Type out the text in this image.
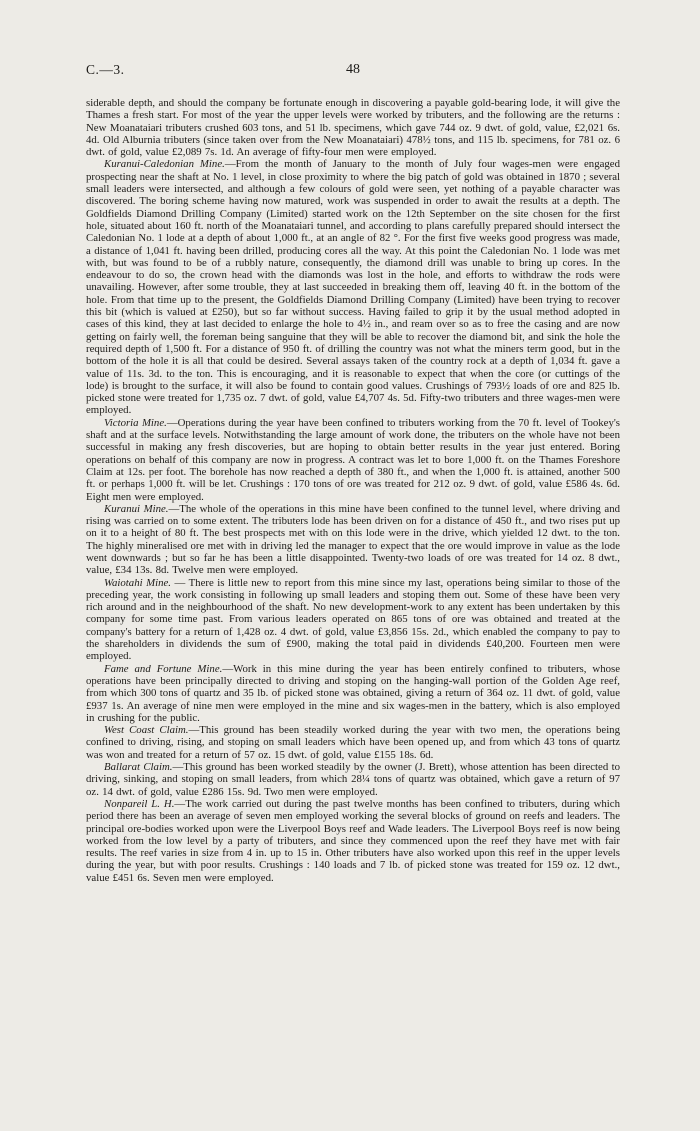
C.—3.	48

siderable depth, and should the company be fortunate enough in discovering a payable gold-bearing lode, it will give the Thames a fresh start. For most of the year the upper levels were worked by tributers, and the following are the returns : New Moanataiari tributers crushed 603 tons, and 51 lb. specimens, which gave 744 oz. 9 dwt. of gold, value, £2,021 6s. 4d. Old Alburnia tributers (since taken over from the New Moanataiari) 478½ tons, and 115 lb. specimens, for 781 oz. 6 dwt. of gold, value £2,089 7s. 1d. An average of fifty-four men were employed.

Kuranui-Caledonian Mine.—From the month of January to the month of July four wages-men were engaged prospecting near the shaft at No. 1 level, in close proximity to where the big patch of gold was obtained in 1870 ; several small leaders were intersected, and although a few colours of gold were seen, yet nothing of a payable character was discovered. The boring scheme having now matured, work was suspended in order to await the results at a depth. The Goldfields Diamond Drilling Company (Limited) started work on the 12th September on the site chosen for the first hole, situated about 160 ft. north of the Moanataiari tunnel, and according to plans carefully prepared should intersect the Caledonian No. 1 lode at a depth of about 1,000 ft., at an angle of 82 °. For the first five weeks good progress was made, a distance of 1,041 ft. having been drilled, producing cores all the way. At this point the Caledonian No. 1 lode was met with, but was found to be of a rubbly nature, consequently, the diamond drill was unable to bring up cores. In the endeavour to do so, the crown head with the diamonds was lost in the hole, and efforts to withdraw the rods were unavailing. However, after some trouble, they at last succeeded in breaking them off, leaving 40 ft. in the bottom of the hole. From that time up to the present, the Goldfields Diamond Drilling Company (Limited) have been trying to recover this bit (which is valued at £250), but so far without success. Having failed to grip it by the usual method adopted in cases of this kind, they at last decided to enlarge the hole to 4½ in., and ream over so as to free the casing and are now getting on fairly well, the foreman being sanguine that they will be able to recover the diamond bit, and sink the hole the required depth of 1,500 ft. For a distance of 950 ft. of drilling the country was not what the miners term good, but in the bottom of the hole it is all that could be desired. Several assays taken of the country rock at a depth of 1,034 ft. gave a value of 11s. 3d. to the ton. This is encouraging, and it is reasonable to expect that when the core (or cuttings of the lode) is brought to the surface, it will also be found to contain good values. Crushings of 793½ loads of ore and 825 lb. picked stone were treated for 1,735 oz. 7 dwt. of gold, value £4,707 4s. 5d. Fifty-two tributers and three wages-men were employed.

Victoria Mine.—Operations during the year have been confined to tributers working from the 70 ft. level of Tookey's shaft and at the surface levels. Notwithstanding the large amount of work done, the tributers on the whole have not been successful in making any fresh discoveries, but are hoping to obtain better results in the year just entered. Boring operations on behalf of this company are now in progress. A contract was let to bore 1,000 ft. on the Thames Foreshore Claim at 12s. per foot. The borehole has now reached a depth of 380 ft., and when the 1,000 ft. is attained, another 500 ft. or perhaps 1,000 ft. will be let. Crushings : 170 tons of ore was treated for 212 oz. 9 dwt. of gold, value £586 4s. 6d. Eight men were employed.

Kuranui Mine.—The whole of the operations in this mine have been confined to the tunnel level, where driving and rising was carried on to some extent. The tributers lode has been driven on for a distance of 450 ft., and two rises put up on it to a height of 80 ft. The best prospects met with on this lode were in the drive, which yielded 12 dwt. to the ton. The highly mineralised ore met with in driving led the manager to expect that the ore would improve in value as the lode went downwards ; but so far he has been a little disappointed. Twenty-two loads of ore was treated for 14 oz. 8 dwt., value, £34 13s. 8d. Twelve men were employed.

Waiotahi Mine. — There is little new to report from this mine since my last, operations being similar to those of the preceding year, the work consisting in following up small leaders and stoping them out. Some of these have been very rich around and in the neighbourhood of the shaft. No new development-work to any extent has been undertaken by this company for some time past. From various leaders operated on 865 tons of ore was obtained and treated at the company's battery for a return of 1,428 oz. 4 dwt. of gold, value £3,856 15s. 2d., which enabled the company to pay to the shareholders in dividends the sum of £900, making the total paid in dividends £40,200. Fourteen men were employed.

Fame and Fortune Mine.—Work in this mine during the year has been entirely confined to tributers, whose operations have been principally directed to driving and stoping on the hanging-wall portion of the Golden Age reef, from which 300 tons of quartz and 35 lb. of picked stone was obtained, giving a return of 364 oz. 11 dwt. of gold, value £937 1s. An average of nine men were employed in the mine and six wages-men in the battery, which is also employed in crushing for the public.

West Coast Claim.—This ground has been steadily worked during the year with two men, the operations being confined to driving, rising, and stoping on small leaders which have been opened up, and from which 43 tons of quartz was won and treated for a return of 57 oz. 15 dwt. of gold, value £155 18s. 6d.

Ballarat Claim.—This ground has been worked steadily by the owner (J. Brett), whose attention has been directed to driving, sinking, and stoping on small leaders, from which 28¼ tons of quartz was obtained, which gave a return of 97 oz. 14 dwt. of gold, value £286 15s. 9d. Two men were employed.

Nonpareil L. H.—The work carried out during the past twelve months has been confined to tributers, during which period there has been an average of seven men employed working the several blocks of ground on reefs and leaders. The principal ore-bodies worked upon were the Liverpool Boys reef and Wade leaders. The Liverpool Boys reef is now being worked from the low level by a party of tributers, and since they commenced upon the reef they have met with fair results. The reef varies in size from 4 in. up to 15 in. Other tributers have also worked upon this reef in the upper levels during the year, but with poor results. Crushings : 140 loads and 7 lb. of picked stone was treated for 159 oz. 12 dwt., value £451 6s. Seven men were employed.
